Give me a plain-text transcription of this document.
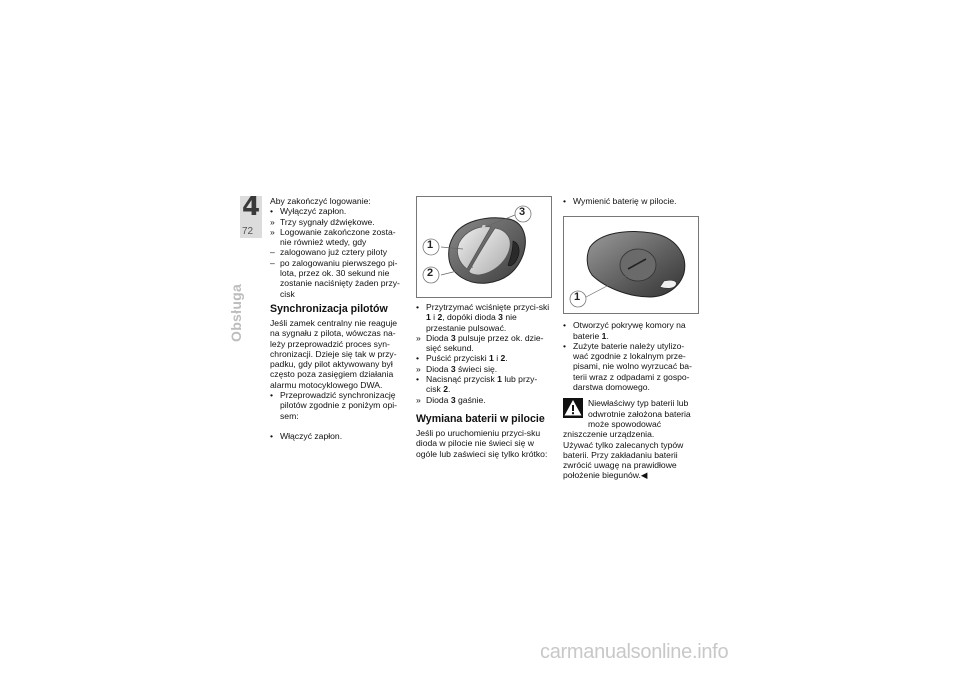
4
72
Obsługa

Aby zakończyć logowanie:

• Wyłączyć zapłon.
» Trzy sygnały dźwiękowe.
» Logowanie zakończone zosta-nie również wtedy, gdy
– zalogowano już cztery piloty
– po zalogowaniu pierwszego pi-lota, przez ok. 30 sekund nie zostanie naciśnięty żaden przy-cisk
Synchronizacja pilotów

Jeśli zamek centralny nie reaguje na sygnału z pilota, wówczas na-leży przeprowadzić proces syn-chronizacji. Dzieje się tak w przy-padku, gdy pilot aktywowany był często poza zasięgiem działania alarmu motocyklowego DWA.

• Przeprowadzić synchronizację pilotów zgodnie z poniżym opi-sem:
• Włączyć zapłon.
1
2
3
• Przytrzymać wciśnięte przyci-ski 1 i 2, dopóki dioda 3 nie przestanie pulsować.
» Dioda 3 pulsuje przez ok. dzie-sięć sekund.
• Puścić przyciski 1 i 2.
» Dioda 3 świeci się.
• Nacisnąć przycisk 1 lub przy-cisk 2.
» Dioda 3 gaśnie.
Wymiana baterii w pilocie

Jeśli po uruchomieniu przyci-sku dioda w pilocie nie świeci się w ogóle lub zaświeci się tylko krótko:

• Wymienić baterię w pilocie.
1
• Otworzyć pokrywę komory na baterie 1.
• Zużyte baterie należy utylizo-wać zgodnie z lokalnym prze-pisami, nie wolno wyrzucać ba-terii wraz z odpadami z gospo-darstwa domowego.

Niewłaściwy typ baterii lub odwrotnie założona bateria może spowodować zniszczenie urządzenia.

Używać tylko zalecanych typów baterii. Przy zakładaniu baterii zwrócić uwagę na prawidłowe położenie biegunów.◀

carmanualsonline.info
